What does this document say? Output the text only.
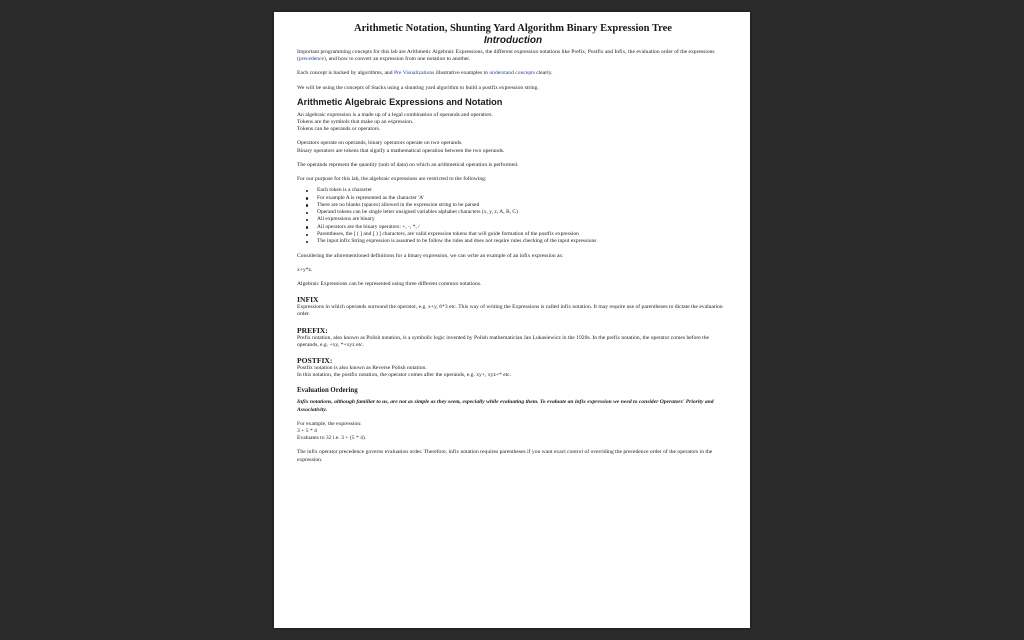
Arithmetic Notation, Shunting Yard Algorithm Binary Expression Tree
Introduction

Important programming concepts for this lab are Arithmetic Algebraic Expressions, the different expression notations like Prefix, Postfix and Infix, the evaluation order of the expressions (precedence), and how to convert an expression from one notation to another.

Each concept is backed by algorithms, and Pre Visualizations illustrative examples to understand concepts clearly.

We will be using the concepts of Stacks using a shunting yard algorithm to build a postfix expression string.

Arithmetic Algebraic Expressions and Notation

An algebraic expression is a made up of a legal combination of operands and operators.

Tokens are the symbols that make up an expression.

Tokens can be operands or operators.

Operators operate on operands, binary operators operate on two operands.

Binary operators are tokens that signify a mathematical operation between the two operands.

The operands represent the quantity (unit of data) on which an arithmetical operation is performed.

For our purpose for this lab, the algebraic expressions are restricted to the following:

Each token is a character
For example A is represented as the character 'A'
There are no blanks (spaces) allowed in the expression string to be parsed
Operand tokens can be single letter unsigned variables alphabet characters (x, y, z, A, B, C)
All expressions are binary
All operators are the binary operators: +, -, *, /
Parentheses, the [ ( ] and [ ) ] characters, are valid expression tokens that will guide formation of the postfix expression
The input infix String expression is assumed to be follow the rules and does not require rules checking of the input expressions

Considering the aforementioned definitions for a binary expression, we can write an example of an infix expression as:

x+y*z.

Algebraic Expressions can be represented using three different common notations.

INFIX

Expressions in which operands surround the operator, e.g. x+y, 6*3 etc. This way of writing the Expressions is called infix notation. It may require use of parentheses to dictate the evaluation order.

PREFIX:

Prefix notation, also known as Polish notation, is a symbolic logic invented by Polish mathematician Jan Lukasiewicz in the 1920s. In the prefix notation, the operator comes before the operands, e.g. +xy, *+xyz etc.

POSTFIX:

Postfix notation is also known as Reverse Polish notation.

In this notation, the postfix notation, the operator comes after the operands, e.g. xy+, xyz+* etc.

Evaluation Ordering

Infix notations, although familiar to us, are not as simple as they seem, especially while evaluating them. To evaluate an infix expression we need to consider Operators' Priority and Associativity.

For example, the expression:

3 + 5 * 4

Evaluates to 32 i.e. 3 + (5 * 4).

The infix operator precedence governs evaluation order. Therefore, infix notation requires parentheses if you want exact control of overriding the precedence order of the operators in the expression.
